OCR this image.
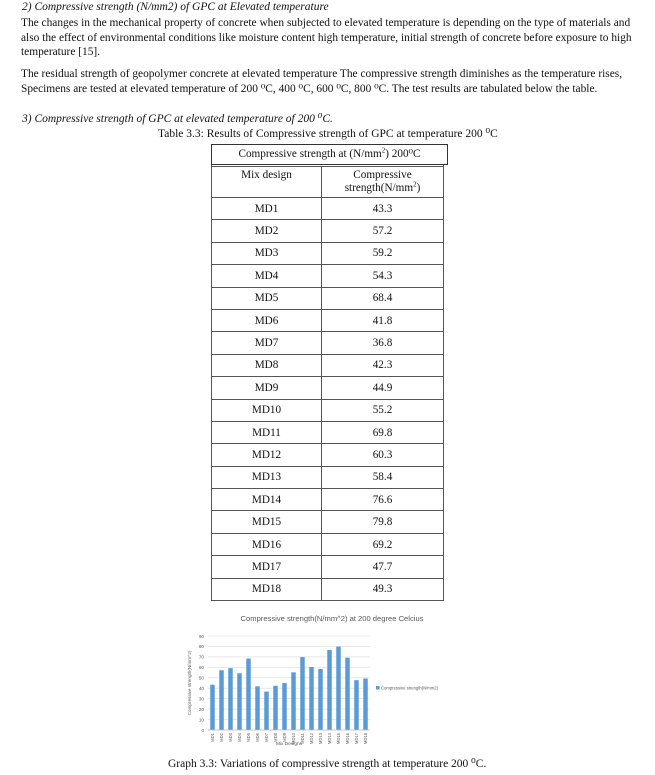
2) Compressive strength (N/mm2) of GPC at Elevated temperature
The changes in the mechanical property of concrete when subjected to elevated temperature is depending on the type of materials and also the effect of environmental conditions like moisture content high temperature, initial strength of concrete before exposure to high temperature [15].
The residual strength of geopolymer concrete at elevated temperature The compressive strength diminishes as the temperature rises, Specimens are tested at elevated temperature of 200 ⁰C, 400 ⁰C, 600 ⁰C, 800 ⁰C. The test results are tabulated below the table.
3) Compressive strength of GPC at elevated temperature of 200 ⁰C.
Table 3.3: Results of Compressive strength of GPC at temperature 200 ⁰C

Mix design	Compressive $strength(N/mm^2)$
MD1	43.3
MD2	57.2
MD3	59.2
MD4	54.3
MD5	68.4
MD6	41.8
MD7	36.8
MD8	42.3
MD9	44.9
MD10	55.2
MD11	69.8
MD12	60.3
MD13	58.4
MD14	76.6
MD15	79.8
MD16	69.2
MD17	47.7
MD18	49.3
Compressive strength at $(N/mm^2)$ 200⁰C
Compressive strength(N/mm^2) at 200 degree Celcius
0
10
20
30
40
50
60
70
80
90
MD1 MD2 MD3 MD4 MD5 MD6 MD7 MD8 MD9 MD10 MD11 MD12 MD13 MD14 MD15 MD16 MD17 MD18
Mix Designs
Compressive strength(N/mm^2)	Compressive strength(N/mm2)
Graph 3.3: Variations of compressive strength at temperature 200 ⁰C.
